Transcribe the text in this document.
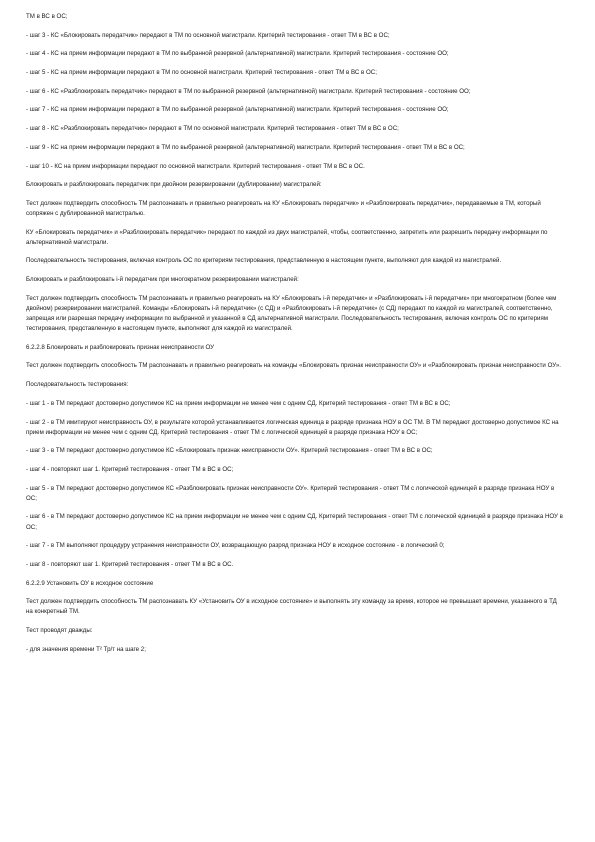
ТМ в ВС в ОС;

- шаг 3 - КС «Блокировать передатчик» передают в ТМ по основной магистрали. Критерий тестирования - ответ ТМ в ВС в ОС;

- шаг 4 - КС на прием информации передают в ТМ по выбранной резервной (альтернативной) магистрали. Критерий тестирования - состояние ОО;

- шаг 5 - КС на прием информации передают в ТМ по основной магистрали. Критерий тестирования - ответ ТМ в ВС в ОС;

- шаг 6 - КС «Разблокировать передатчик» передают в ТМ по выбранной резервной (альтернативной) магистрали. Критерий тестирования - состояние ОО;

- шаг 7 - КС на прием информации передают в ТМ по выбранной резервной (альтернативной) магистрали. Критерий тестирования - состояние ОО;

- шаг 8 - КС «Разблокировать передатчик» передают в ТМ по основной магистрали. Критерий тестирования - ответ ТМ в ВС в ОС;

- шаг 9 - КС на прием информации передают в ТМ по выбранной резервной (альтернативной) магистрали. Критерий тестирования - ответ ТМ в ВС в ОС;

- шаг 10 - КС на прием информации передают по основной магистрали. Критерий тестирования - ответ ТМ в ВС в ОС.

Блокировать и разблокировать передатчик при двойном резервировании (дублировании) магистралей:

Тест должен подтвердить способность ТМ распознавать и правильно реагировать на КУ «Блокировать передатчик» и «Разблокировать передатчик», передаваемые в ТМ, который сопряжен с дублированной магистралью.

КУ «Блокировать передатчик» и «Разблокировать передатчик» передают по каждой из двух магистралей, чтобы, соответственно, запретить или разрешить передачу информации по альтернативной магистрали.

Последовательность тестирования, включая контроль ОС по критериям тестирования, представленную в настоящем пункте, выполняют для каждой из магистралей.

Блокировать и разблокировать i-й передатчик при многократном резервировании магистралей:

Тест должен подтвердить способность ТМ распознавать и правильно реагировать на КУ «Блокировать i-й передатчик» и «Разблокировать i-й передатчик» при многократном (более чем двойном) резервировании магистралей. Команды «Блокировать i-й передатчик» (с СД) и «Разблокировать i-й передатчик» (с СД) передают по каждой из магистралей, соответственно, запрещая или разрешая передачу информации по выбранной и указанной в СД альтернативной магистрали. Последовательность тестирования, включая контроль ОС по критериям тестирования, представленную в настоящем пункте, выполняют для каждой из магистралей.

6.2.2.8 Блокировать и разблокировать признак неисправности ОУ

Тест должен подтвердить способность ТМ распознавать и правильно реагировать на команды «Блокировать признак неисправности ОУ» и «Разблокировать признак неисправности ОУ».

Последовательность тестирования:

- шаг 1 - в ТМ передают достоверно допустимое КС на прием информации не менее чем с одним СД. Критерий тестирования - ответ ТМ в ВС в ОС;

- шаг 2 - в ТМ имитируют неисправность ОУ, в результате которой устанавливается логическая единица в разряде признака НОУ в ОС ТМ. В ТМ передают достоверно допустимое КС на прием информации не менее чем с одним СД. Критерий тестирования - ответ ТМ с логической единицей в разряде признака НОУ в ОС;

- шаг 3 - в ТМ передают достоверно допустимое КС «Блокировать признак неисправности ОУ». Критерий тестирования - ответ ТМ в ВС в ОС;

- шаг 4 - повторяют шаг 1. Критерий тестирования - ответ ТМ в ВС в ОС;

- шаг 5 - в ТМ передают достоверно допустимое КС «Разблокировать признак неисправности ОУ». Критерий тестирования - ответ ТМ с логической единицей в разряде признака НОУ в ОС;

- шаг 6 - в ТМ передают достоверно допустимое КС на прием информации не менее чем с одним СД. Критерий тестирования - ответ ТМ с логической единицей в разряде признака НОУ в ОС;

- шаг 7 - в ТМ выполняют процедуру устранения неисправности ОУ, возвращающую разряд признака НОУ в исходное состояние - в логический 0;

- шаг 8 - повторяют шаг 1. Критерий тестирования - ответ ТМ в ВС в ОС.

6.2.2.9 Установить ОУ в исходное состояние

Тест должен подтвердить способность ТМ распознавать КУ «Установить ОУ в исходное состояние» и выполнять эту команду за время, которое не превышает времени, указанного в ТД на конкретный ТМ.

Тест проводят дважды:

- для значения времени Т² Тр/т на шаге 2;
